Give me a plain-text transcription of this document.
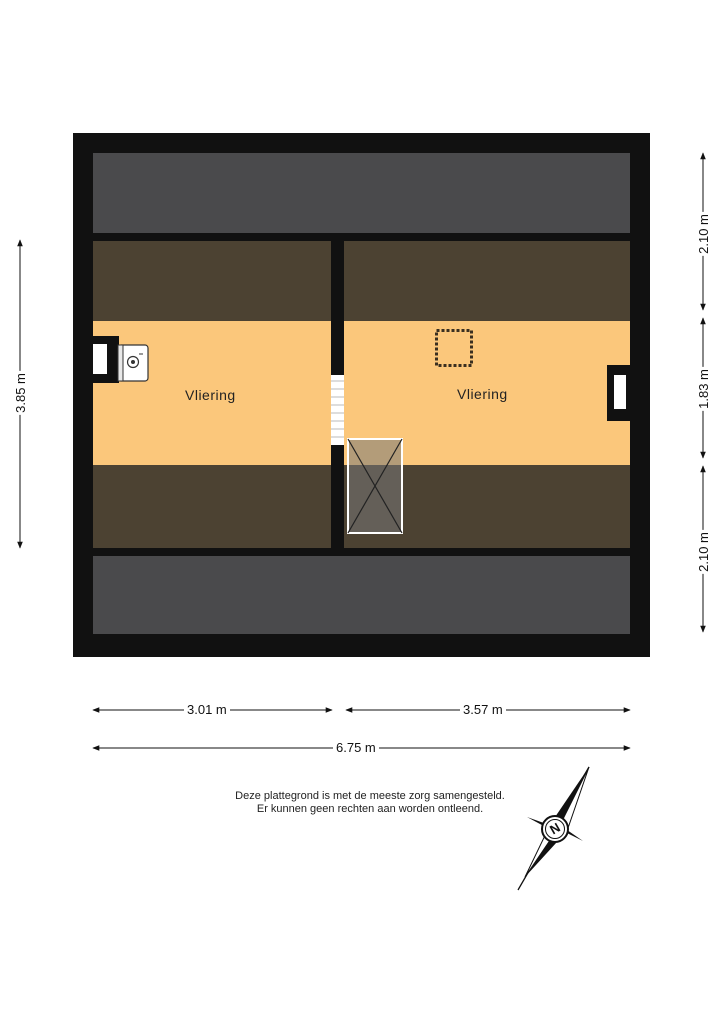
Vliering	Vliering
3.01 m	3.57 m
6.75 m
3.85 m
2.10 m
1.83 m
2.10 m
Deze plattegrond is met de meeste zorg samengesteld.
Er kunnen geen rechten aan worden ontleend.
N
